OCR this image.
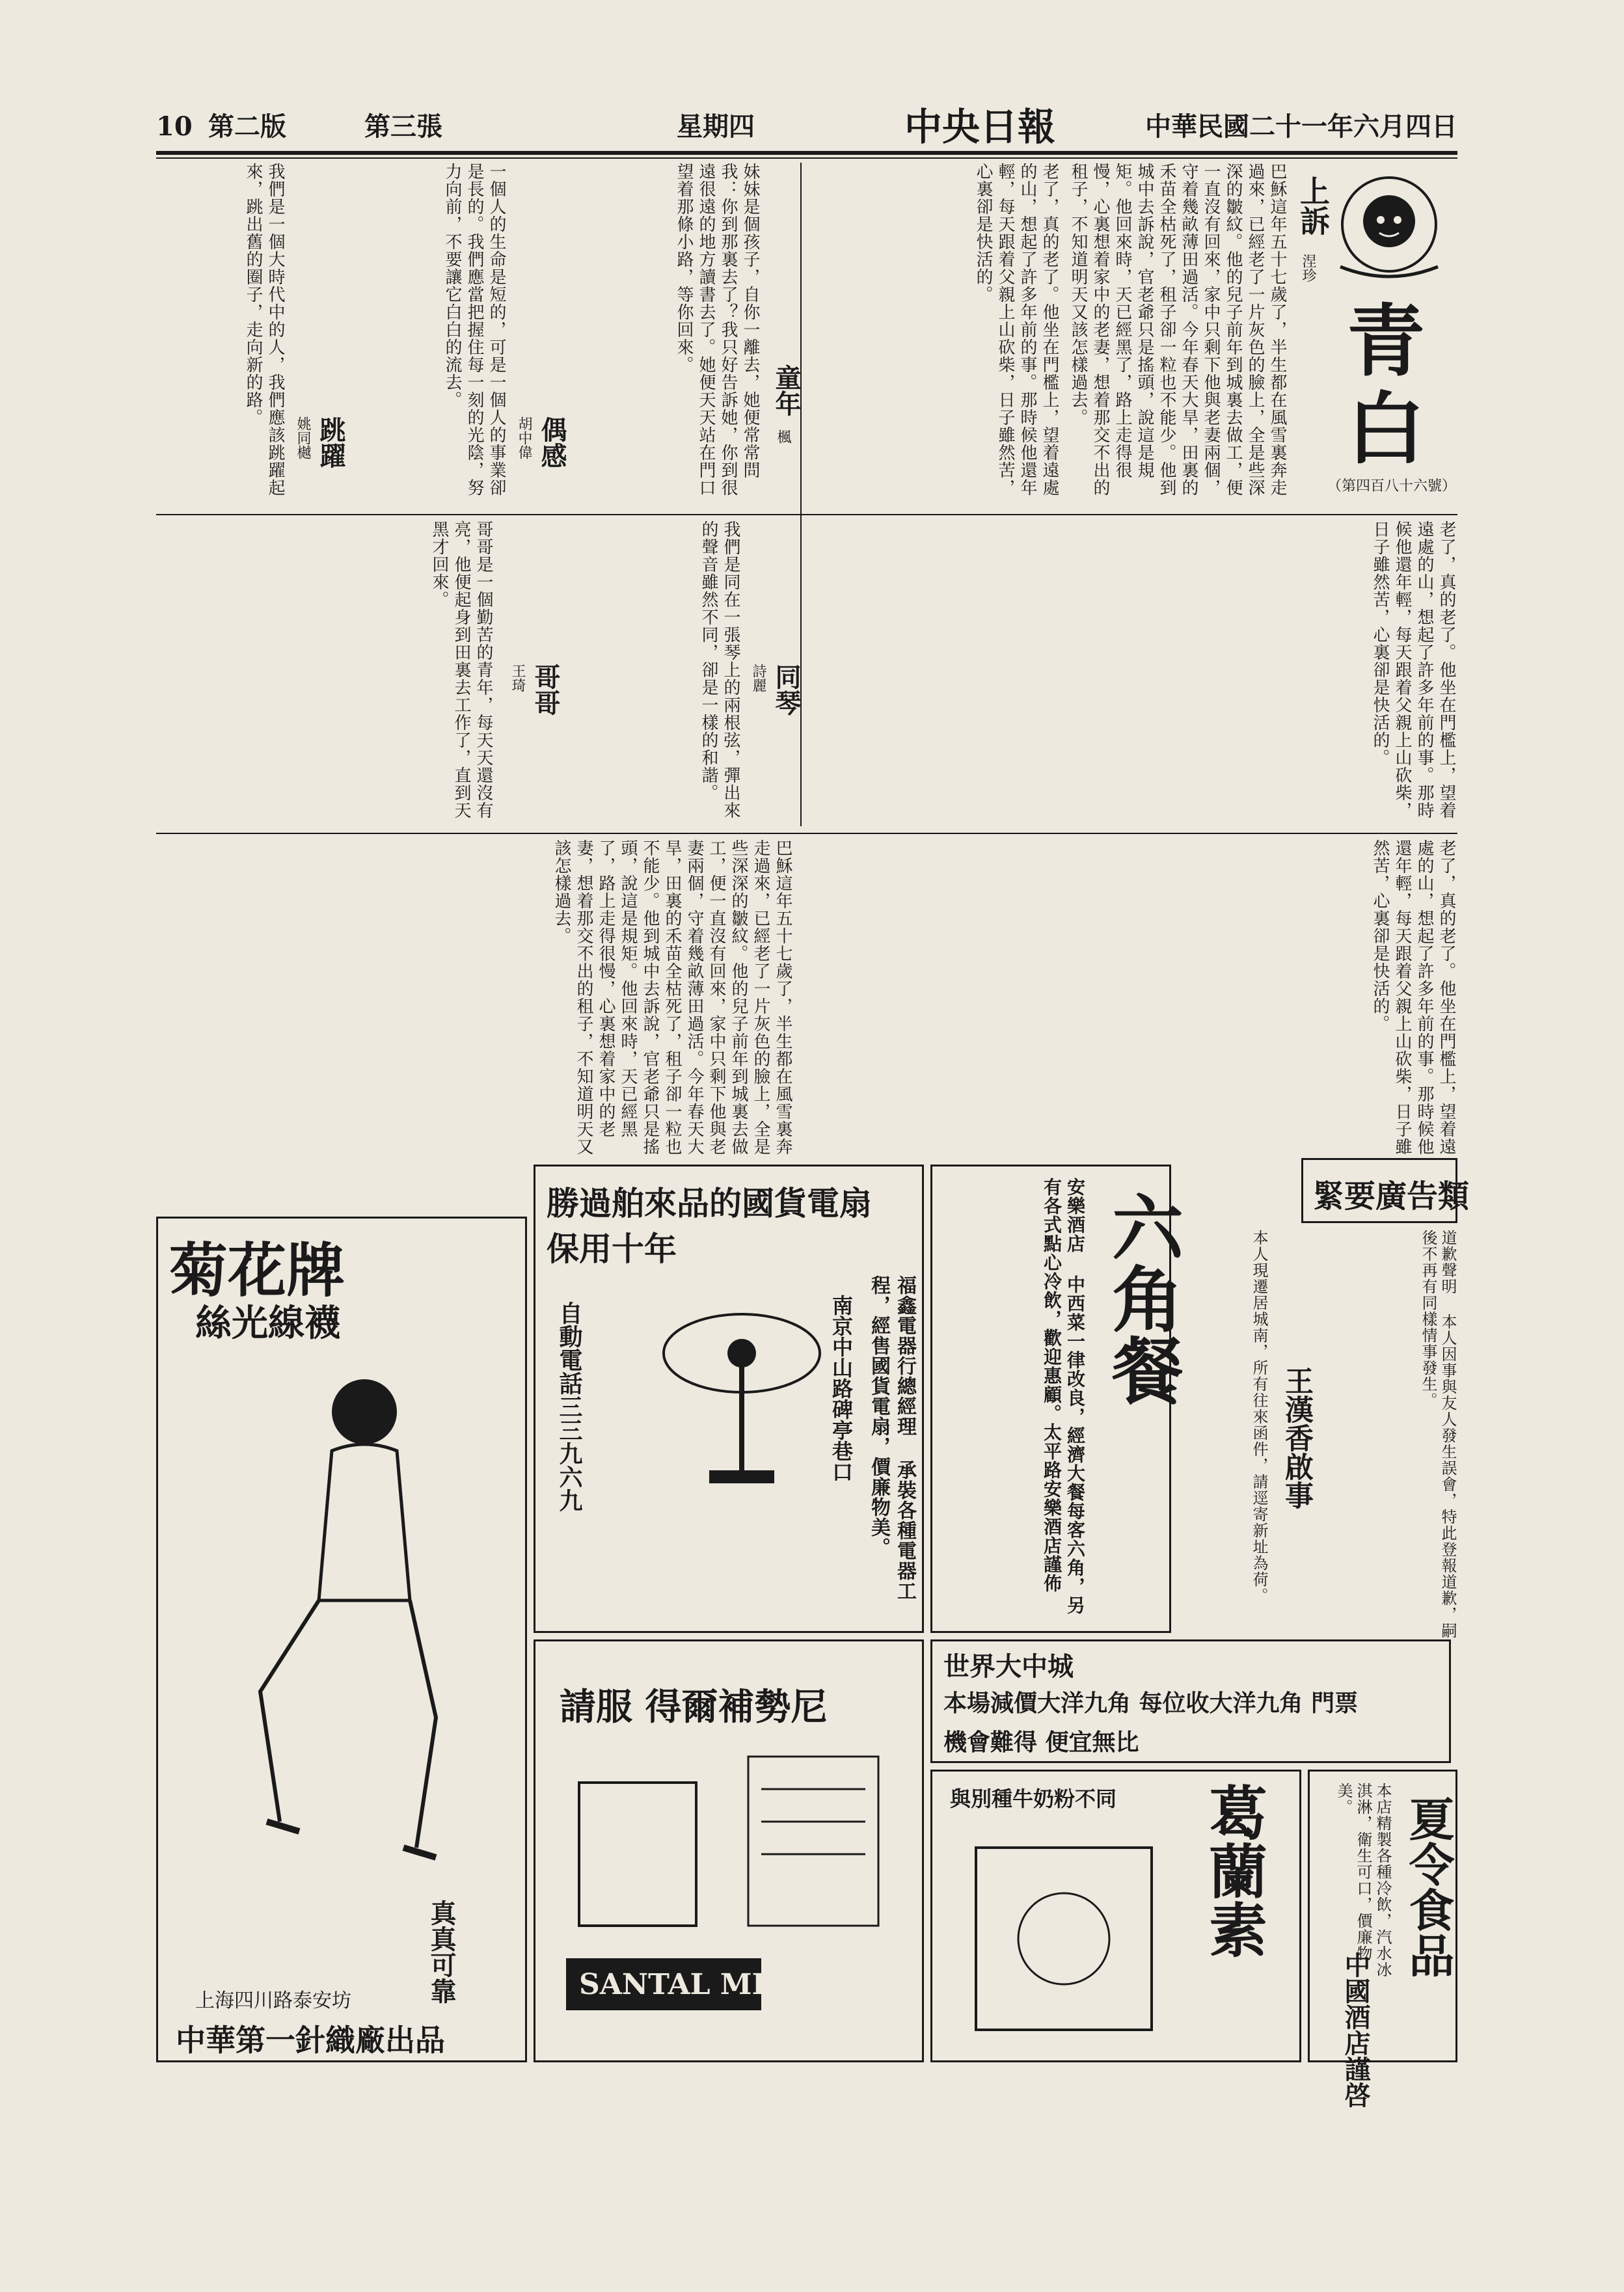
10 第二版	第三張	星期四	中央日報	中華民國二十一年六月四日
青
白
（第四百八十六號）
上訴
涅珍
巴穌這年五十七歲了，半生都在風雪裏奔走過來，已經老了一片灰色的臉上，全是些深深的皺紋。他的兒子前年到城裏去做工，便一直沒有回來，家中只剩下他與老妻兩個，守着幾畝薄田過活。今年春天大旱，田裏的禾苗全枯死了，租子卻一粒也不能少。他到城中去訴說，官老爺只是搖頭，說這是規矩。他回來時，天已經黑了，路上走得很慢，心裏想着家中的老妻，想着那交不出的租子，不知道明天又該怎樣過去。
老了，真的老了。他坐在門檻上，望着遠處的山，想起了許多年前的事。那時候他還年輕，每天跟着父親上山砍柴，日子雖然苦，心裏卻是快活的。
童年
楓
妹妹是個孩子，自你一離去，她便常常問我：你到那裏去了？我只好告訴她，你到很遠很遠的地方讀書去了。她便天天站在門口望着那條小路，等你回來。
偶感
胡中偉
一個人的生命是短的，可是一個人的事業卻是長的。我們應當把握住每一刻的光陰，努力向前，不要讓它白白的流去。
跳躍
姚同樾
我們是一個大時代中的人，我們應該跳躍起來，跳出舊的圈子，走向新的路。
老了，真的老了。他坐在門檻上，望着遠處的山，想起了許多年前的事。那時候他還年輕，每天跟着父親上山砍柴，日子雖然苦，心裏卻是快活的。
同琴
詩麗
我們是同在一張琴上的兩根弦，彈出來的聲音雖然不同，卻是一樣的和諧。
哥哥
王琦
哥哥是一個勤苦的青年，每天天還沒有亮，他便起身到田裏去工作了，直到天黑才回來。
老了，真的老了。他坐在門檻上，望着遠處的山，想起了許多年前的事。那時候他還年輕，每天跟着父親上山砍柴，日子雖然苦，心裏卻是快活的。
巴穌這年五十七歲了，半生都在風雪裏奔走過來，已經老了一片灰色的臉上，全是些深深的皺紋。他的兒子前年到城裏去做工，便一直沒有回來，家中只剩下他與老妻兩個，守着幾畝薄田過活。今年春天大旱，田裏的禾苗全枯死了，租子卻一粒也不能少。他到城中去訴說，官老爺只是搖頭，說這是規矩。他回來時，天已經黑了，路上走得很慢，心裏想着家中的老妻，想着那交不出的租子，不知道明天又該怎樣過去。
緊要廣告類
道歉聲明 本人因事與友人發生誤會，特此登報道歉，嗣後不再有同樣情事發生。
王漢香啟事
本人現遷居城南，所有往來函件，請逕寄新址為荷。
六角餐
安樂酒店 中西菜一律改良，經濟大餐每客六角，另有各式點心冷飲，歡迎惠顧。太平路安樂酒店謹佈
勝過舶來品的國貨電扇
保用十年
福鑫電器行總經理 承裝各種電器工程，經售國貨電扇，價廉物美。
南京中山路碑亭巷口
自動電話三三九六九
世界大中城
本場減價大洋九角 每位收大洋九角 門票
機會難得 便宜無比
菊花牌
絲光線襪
真真可靠
上海四川路泰安坊
中華第一針織廠出品
請服 得爾補勢尼
SANTAL MIDY
葛蘭素
與別種牛奶粉不同	夏令食品
本店精製各種冷飲，汽水冰淇淋，衛生可口，價廉物美。
中國酒店謹啓
